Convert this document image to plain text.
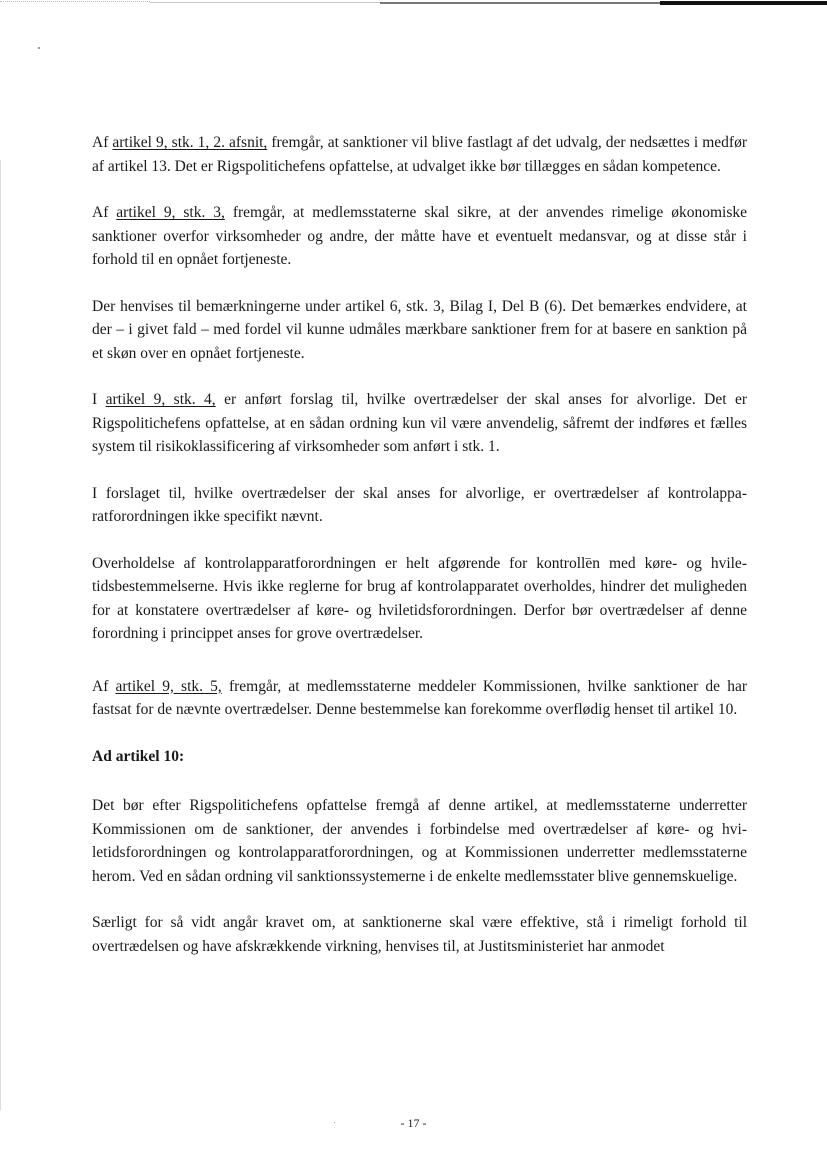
Af artikel 9, stk. 1, 2. afsnit, fremgår, at sanktioner vil blive fastlagt af det udvalg, der nedsættes i medfør af artikel 13. Det er Rigspolitichefens opfattelse, at udvalget ikke bør tillægges en sådan kompetence.

Af artikel 9, stk. 3, fremgår, at medlemsstaterne skal sikre, at der anvendes rimelige økonomiske sanktioner overfor virksomheder og andre, der måtte have et eventuelt medansvar, og at disse står i forhold til en opnået fortjeneste.

Der henvises til bemærkningerne under artikel 6, stk. 3, Bilag I, Del B (6). Det bemærkes endvidere, at der – i givet fald – med fordel vil kunne udmåles mærkbare sanktioner frem for at basere en sanktion på et skøn over en opnået fortjeneste.

I artikel 9, stk. 4, er anført forslag til, hvilke overtrædelser der skal anses for alvorlige. Det er Rigspolitichefens opfattelse, at en sådan ordning kun vil være anvendelig, såfremt der indføres et fælles system til risikoklassificering af virksomheder som anført i stk. 1.

I forslaget til, hvilke overtrædelser der skal anses for alvorlige, er overtrædelser af kontrolapparatforordningen ikke specifikt nævnt.

Overholdelse af kontrolapparatforordningen er helt afgørende for kontrollen med køre- og hviletidsbestemmelserne. Hvis ikke reglerne for brug af kontrolapparatet overholdes, hindrer det muligheden for at konstatere overtrædelser af køre- og hviletidsforordningen. Derfor bør overtrædelser af denne forordning i princippet anses for grove overtrædelser.

Af artikel 9, stk. 5, fremgår, at medlemsstaterne meddeler Kommissionen, hvilke sanktioner de har fastsat for de nævnte overtrædelser. Denne bestemmelse kan forekomme overflødig henset til artikel 10.

Ad artikel 10:

Det bør efter Rigspolitichefens opfattelse fremgå af denne artikel, at medlemsstaterne underretter Kommissionen om de sanktioner, der anvendes i forbindelse med overtrædelser af køre- og hviletidsforordningen og kontrolapparatforordningen, og at Kommissionen underretter medlemsstaterne herom. Ved en sådan ordning vil sanktionssystemerne i de enkelte medlemsstater blive gennemskuelige.

Særligt for så vidt angår kravet om, at sanktionerne skal være effektive, stå i rimeligt forhold til overtrædelsen og have afskrækkende virkning, henvises til, at Justitsministeriet har anmodet

- 17 -
